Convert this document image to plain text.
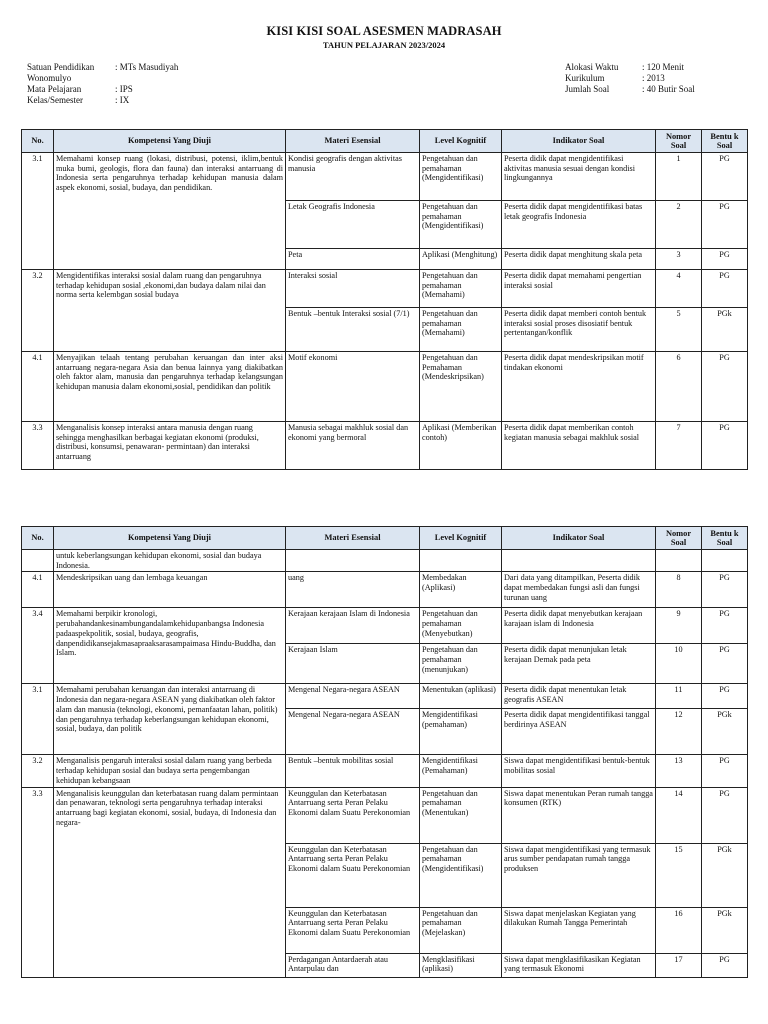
KISI KISI SOAL ASESMEN MADRASAH
TAHUN PELAJARAN 2023/2024
Satuan Pendidikan	: MTs Masudiyah
Wonomulyo
Mata Pelajaran	: IPS
Kelas/Semester	: IX
Alokasi Waktu	: 120 Menit
Kurikulum	: 2013
Jumlah Soal	: 40 Butir Soal
No.	Kompetensi Yang Diuji	Materi Esensial	Level Kognitif	Indikator Soal	Nomor Soal	Bentu k Soal
3.1	Memahami konsep ruang (lokasi, distribusi, potensi, iklim,bentuk muka bumi, geologis, flora dan fauna) dan interaksi antarruang di Indonesia serta pengaruhnya terhadap kehidupan manusia dalam aspek ekonomi, sosial, budaya, dan pendidikan.	Kondisi geografis dengan aktivitas manusia	Pengetahuan dan pemahaman (Mengidentifikasi)	Peserta didik dapat mengidentifikasi aktivitas manusia sesuai dengan kondisi lingkungannya	1	PG
		Letak Geografis Indonesia	Pengetahuan dan pemahaman (Mengidentifikasi)	Peserta didik dapat mengidentifikasi batas letak geografis Indonesia	2	PG
		Peta	Aplikasi (Menghitung)	Peserta didik dapat menghitung skala peta	3	PG
3.2	Mengidentifikas interaksi sosial dalam ruang dan pengaruhnya terhadap kehidupan sosial ,ekonomi,dan budaya dalam nilai dan norma serta kelembgan sosial budaya	Interaksi sosial	Pengetahuan dan pemahaman (Memahami)	Peserta didik dapat memahami pengertian interaksi sosial	4	PG
		Bentuk –bentuk Interaksi sosial (7/1)	Pengetahuan dan pemahaman (Memahami)	Peserta didik dapat memberi contoh bentuk interaksi sosial proses disosiatif bentuk pertentangan/konflik	5	PGk
4.1	Menyajikan telaah tentang perubahan keruangan dan inter aksi antarruang negara-negara Asia dan benua lainnya yang diakibatkan oleh faktor alam, manusia dan pengaruhnya terhadap kelangsungan kehidupan manusia dalam ekonomi,sosial, pendidikan dan politik	Motif ekonomi	Pengetahuan dan Pemahaman (Mendeskripsikan)	Peserta didik dapat mendeskripsikan motif tindakan ekonomi	6	PG
3.3	Menganalisis konsep interaksi antara manusia dengan ruang sehingga menghasilkan berbagai kegiatan ekonomi (produksi, distribusi, konsumsi, penawaran- permintaan) dan interaksi antarruang	Manusia sebagai makhluk sosial dan ekonomi yang bermoral	Aplikasi (Memberikan contoh)	Peserta didik dapat memberikan contoh kegiatan manusia sebagai makhluk sosial	7	PG
No.	Kompetensi Yang Diuji	Materi Esensial	Level Kognitif	Indikator Soal	Nomor Soal	Bentu k Soal
	untuk keberlangsungan kehidupan ekonomi, sosial dan budaya Indonesia.					
4.1	Mendeskripsikan uang dan lembaga keuangan	uang	Membedakan (Aplikasi)	Dari data yang ditampilkan, Peserta didik dapat membedakan fungsi asli dan fungsi turunan uang	8	PG
3.4	Memahami berpikir kronologi, perubahandankesinambungandalamkehidupanbangsa Indonesia padaaspekpolitik, sosial, budaya, geografis, danpendidikansejakmasapraaksarasampaimasa Hindu-Buddha, dan Islam.	Kerajaan kerajaan Islam di Indonesia	Pengetahuan dan pemahaman (Menyebutkan)	Peserta didik dapat menyebutkan kerajaan karajaan islam di Indonesia	9	PG
		Kerajaan Islam	Pengetahuan dan pemahaman (menunjukan)	Peserta didik dapat menunjukan letak kerajaan Demak pada peta	10	PG
3.1	Memahami perubahan keruangan dan interaksi antarruang di Indonesia dan negara-negara ASEAN yang diakibatkan oleh faktor alam dan manusia (teknologi, ekonomi, pemanfaatan lahan, politik) dan pengaruhnya terhadap keberlangsungan kehidupan ekonomi, sosial, budaya, dan politik	Mengenal Negara-negara ASEAN	Menentukan (aplikasi)	Peserta didik dapat menentukan letak geografis ASEAN	11	PG
		Mengenal Negara-negara ASEAN	Mengidentifikasi (pemahaman)	Peserta didik dapat mengidentifikasi tanggal berdirinya ASEAN	12	PGk
3.2	Menganalisis pengaruh interaksi sosial dalam ruang yang berbeda terhadap kehidupan sosial dan budaya serta pengembangan kehidupan kebangsaan	Bentuk –bentuk mobilitas sosial	Mengidentifikasi (Pemahaman)	Siswa dapat mengidentifikasi bentuk-bentuk mobilitas sosial	13	PG
3.3	Menganalisis keunggulan dan keterbatasan ruang dalam permintaan dan penawaran, teknologi serta pengaruhnya terhadap interaksi antarruang bagi kegiatan ekonomi, sosial, budaya, di Indonesia dan negara-	Keunggulan dan Keterbatasan Antarruang serta Peran Pelaku Ekonomi dalam Suatu Perekonomian	Pengetahuan dan pemahaman (Menentukan)	Siswa dapat menentukan Peran rumah tangga konsumen (RTK)	14	PG
		Keunggulan dan Keterbatasan Antarruang serta Peran Pelaku Ekonomi dalam Suatu Perekonomian	Pengetahuan dan pemahaman (Mengidentifikasi)	Siswa dapat mengidentifikasi yang termasuk arus sumber pendapatan rumah tangga produksen	15	PGk
		Keunggulan dan Keterbatasan Antarruang serta Peran Pelaku Ekonomi dalam Suatu Perekonomian	Pengetahuan dan pemahaman (Mejelaskan)	Siswa dapat menjelaskan Kegiatan yang dilakukan Rumah Tangga Pemerintah	16	PGk
		Perdagangan Antardaerah atau Antarpulau dan	Mengklasifikasi (aplikasi)	Siswa dapat mengklasifikasikan Kegiatan yang termasuk Ekonomi	17	PG
